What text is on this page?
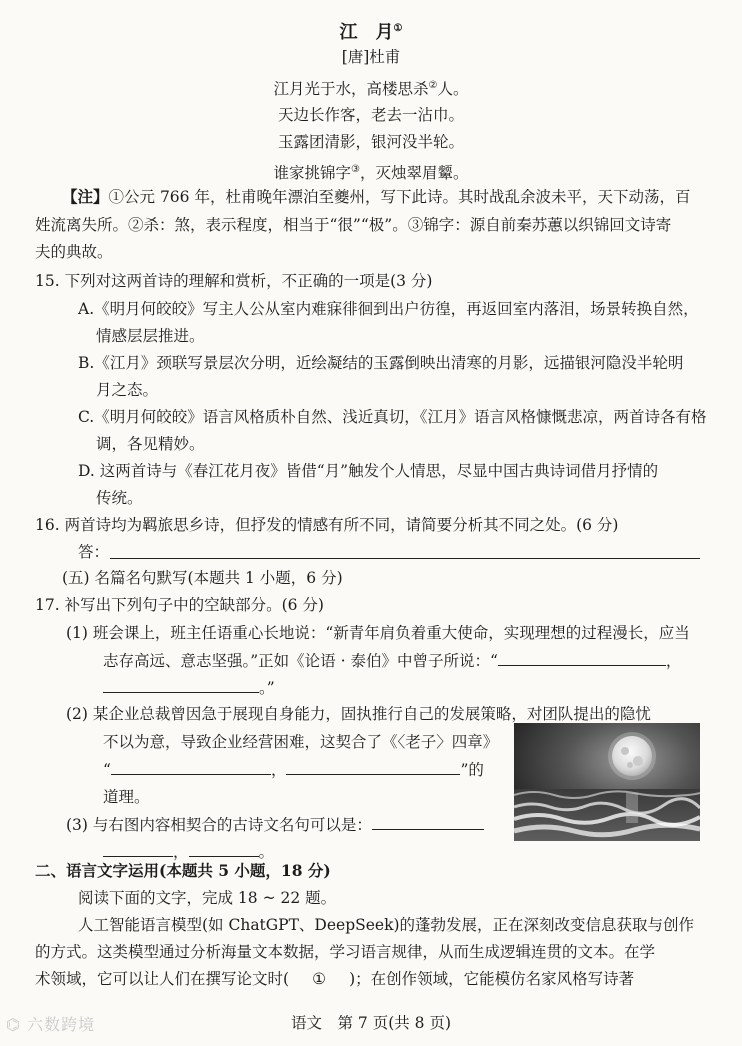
江　月①
[唐]杜甫
江月光于水，高楼思杀②人。
天边长作客，老去一沾巾。
玉露团清影，银河没半轮。
谁家挑锦字③，灭烛翠眉颦。
【注】①公元 766 年，杜甫晚年漂泊至夔州，写下此诗。其时战乱余波未平，天下动荡，百
姓流离失所。②杀：煞，表示程度，相当于“很”“极”。③锦字：源自前秦苏蕙以织锦回文诗寄
夫的典故。
15. 下列对这两首诗的理解和赏析，不正确的一项是(3 分)
A.《明月何皎皎》写主人公从室内难寐徘徊到出户彷徨，再返回室内落泪，场景转换自然，
情感层层推进。
B.《江月》颈联写景层次分明，近绘凝结的玉露倒映出清寒的月影，远描银河隐没半轮明
月之态。
C.《明月何皎皎》语言风格质朴自然、浅近真切，《江月》语言风格慷慨悲凉，两首诗各有格
调，各见精妙。
D. 这两首诗与《春江花月夜》皆借“月”触发个人情思，尽显中国古典诗词借月抒情的
传统。
16. 两首诗均为羁旅思乡诗，但抒发的情感有所不同，请简要分析其不同之处。(6 分)
答：
(五) 名篇名句默写(本题共 1 小题，6 分)
17. 补写出下列句子中的空缺部分。(6 分)
(1) 班会课上，班主任语重心长地说：“新青年肩负着重大使命，实现理想的过程漫长，应当
志存高远、意志坚强。”正如《论语 · 泰伯》中曾子所说：“	，
。”
(2) 某企业总裁曾因急于展现自身能力，固执推行自己的发展策略，对团队提出的隐忧
不以为意，导致企业经营困难，这契合了《〈老子〉四章》
“	，	”的
道理。
(3) 与右图内容相契合的古诗文名句可以是：
，	。
二、语言文字运用(本题共 5 小题，18 分)
阅读下面的文字，完成 18 ~ 22 题。
人工智能语言模型(如 ChatGPT、DeepSeek)的蓬勃发展，正在深刻改变信息获取与创作
的方式。这类模型通过分析海量文本数据，学习语言规律，从而生成逻辑连贯的文本。在学
术领域，它可以让人们在撰写论文时( ① )；在创作领域，它能模仿名家风格写诗著
语文　第 7 页(共 8 页)
⌬ 六数跨境
